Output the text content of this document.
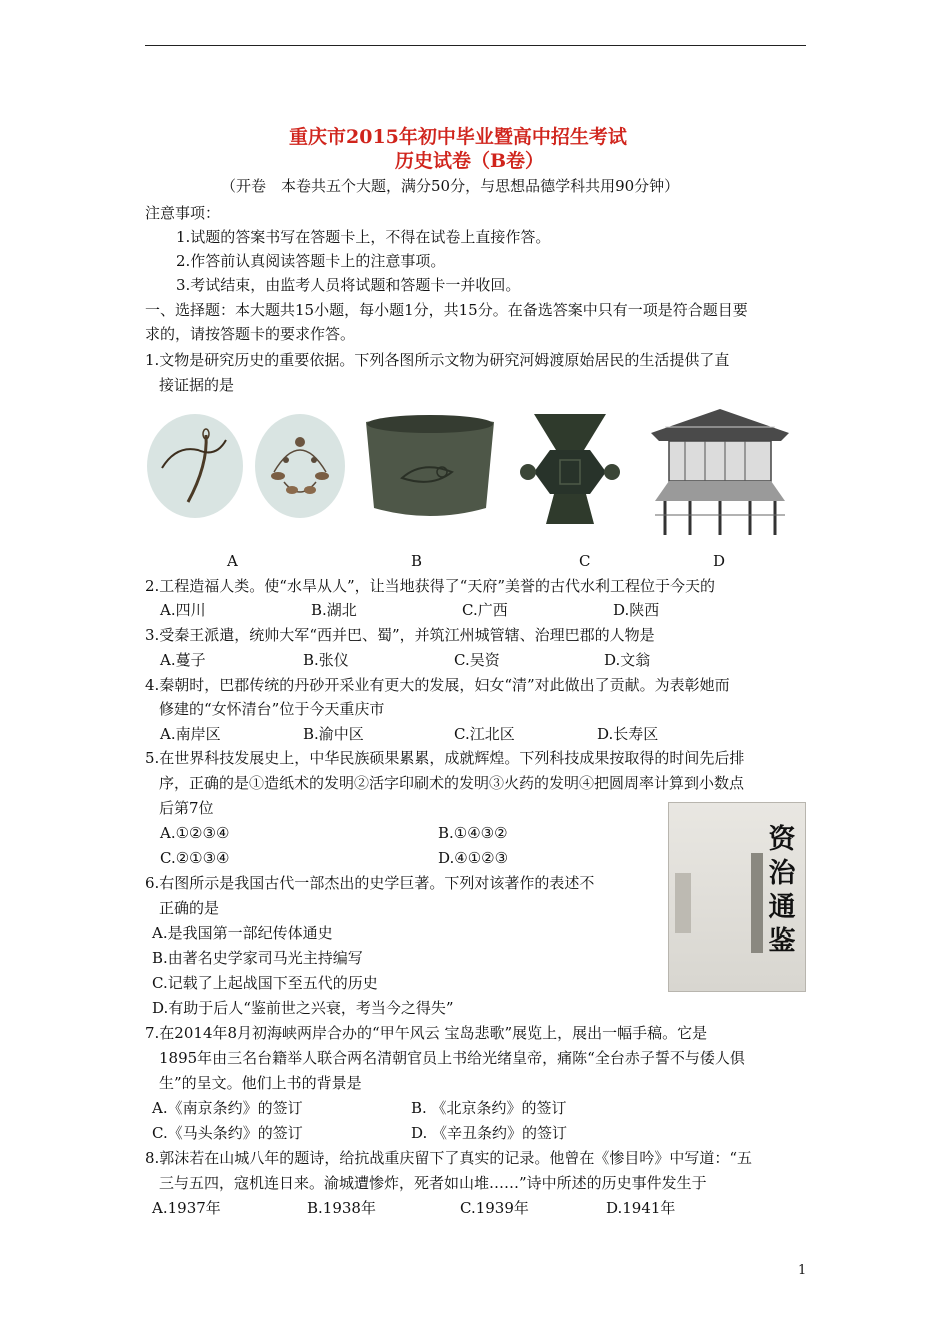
重庆市2015年初中毕业暨高中招生考试
历史试卷（B卷）
（开卷　本卷共五个大题，满分50分，与思想品德学科共用90分钟）
注意事项：
1.试题的答案书写在答题卡上，不得在试卷上直接作答。
2.作答前认真阅读答题卡上的注意事项。
3.考试结束，由监考人员将试题和答题卡一并收回。
一、选择题：本大题共15小题，每小题1分，共15分。在备选答案中只有一项是符合题目要
求的，请按答题卡的要求作答。
1.文物是研究历史的重要依据。下列各图所示文物为研究河姆渡原始居民的生活提供了直
接证据的是
A	B	C	D
2.工程造福人类。使“水旱从人”，让当地获得了“天府”美誉的古代水利工程位于今天的
A.四川	B.湖北	C.广西	D.陕西
3.受秦王派遣，统帅大军“西并巴、蜀”，并筑江州城管辖、治理巴郡的人物是
A.蔓子	B.张仪	C.吴资	D.文翁
4.秦朝时，巴郡传统的丹砂开采业有更大的发展，妇女“清”对此做出了贡献。为表彰她而
修建的“女怀清台”位于今天重庆市
A.南岸区	B.渝中区	C.江北区	D.长寿区
5.在世界科技发展史上，中华民族硕果累累，成就辉煌。下列科技成果按取得的时间先后排
序，正确的是①造纸术的发明②活字印刷术的发明③火药的发明④把圆周率计算到小数点
后第7位
A.①②③④	B.①④③②
C.②①③④	D.④①②③
资治通鉴
6.右图所示是我国古代一部杰出的史学巨著。下列对该著作的表述不
正确的是
A.是我国第一部纪传体通史
B.由著名史学家司马光主持编写
C.记载了上起战国下至五代的历史
D.有助于后人“鉴前世之兴衰，考当今之得失”
7.在2014年8月初海峡两岸合办的“甲午风云 宝岛悲歌”展览上，展出一幅手稿。它是
1895年由三名台籍举人联合两名清朝官员上书给光绪皇帝，痛陈“全台赤子誓不与倭人俱
生”的呈文。他们上书的背景是
A.《南京条约》的签订	B. 《北京条约》的签订
C.《马头条约》的签订	D. 《辛丑条约》的签订
8.郭沫若在山城八年的题诗，给抗战重庆留下了真实的记录。他曾在《惨目吟》中写道：“五
三与五四，寇机连日来。渝城遭惨炸，死者如山堆……”诗中所述的历史事件发生于
A.1937年	B.1938年	C.1939年	D.1941年
1
